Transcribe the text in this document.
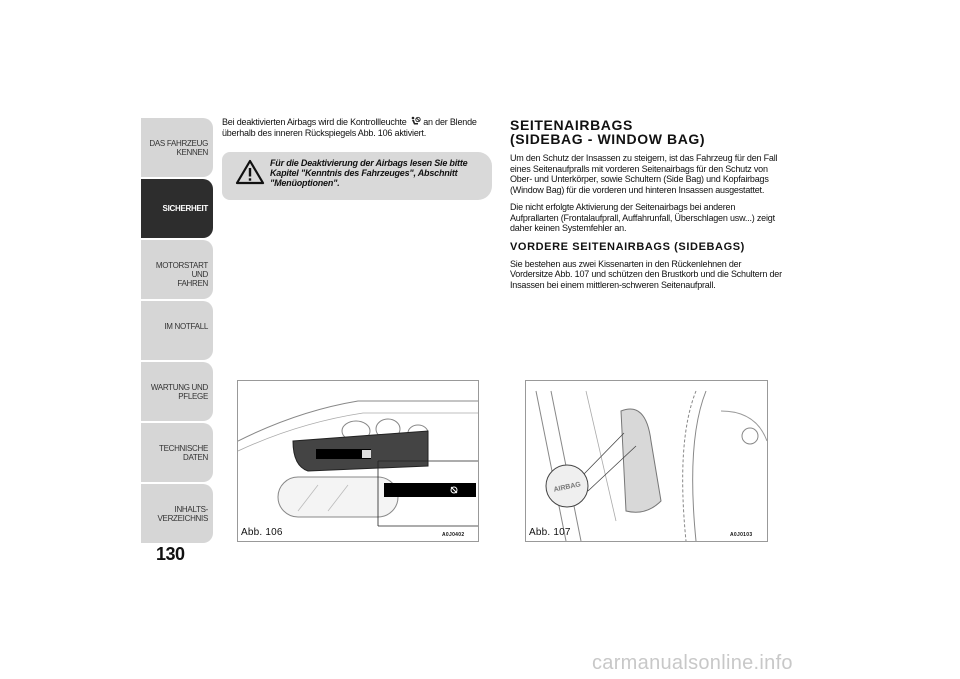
DAS FAHRZEUG
KENNEN
SICHERHEIT
MOTORSTART UND
FAHREN
IM NOTFALL
WARTUNG UND
PFLEGE
TECHNISCHE DATEN
INHALTS-
VERZEICHNIS
130

Bei deaktivierten Airbags wird die Kontrollleuchte an der Blende überhalb des inneren Rückspiegels Abb. 106 aktiviert.

Für die Deaktivierung der Airbags lesen Sie bitte Kapitel "Kenntnis des Fahrzeuges", Abschnitt "Menüoptionen".
SEITENAIRBAGS
(SIDEBAG - WINDOW BAG)

Um den Schutz der Insassen zu steigern, ist das Fahrzeug für den Fall eines Seitenaufpralls mit vorderen Seitenairbags für den Schutz von Ober- und Unterkörper, sowie Schultern (Side Bag) und Kopfairbags (Window Bag) für die vorderen und hinteren Insassen ausgestattet.

Die nicht erfolgte Aktivierung der Seitenairbags bei anderen Aufprallarten (Frontalaufprall, Auffahrunfall, Überschlagen usw...) zeigt daher keinen Systemfehler an.

VORDERE SEITENAIRBAGS (SIDEBAGS)

Sie bestehen aus zwei Kissenarten in den Rückenlehnen der Vordersitze Abb. 107 und schützen den Brustkorb und die Schultern der Insassen bei einem mittleren-schweren Seitenaufprall.

Abb. 106	A0J0402
AIRBAG
Abb. 107	A0J0103
carmanualsonline.info
